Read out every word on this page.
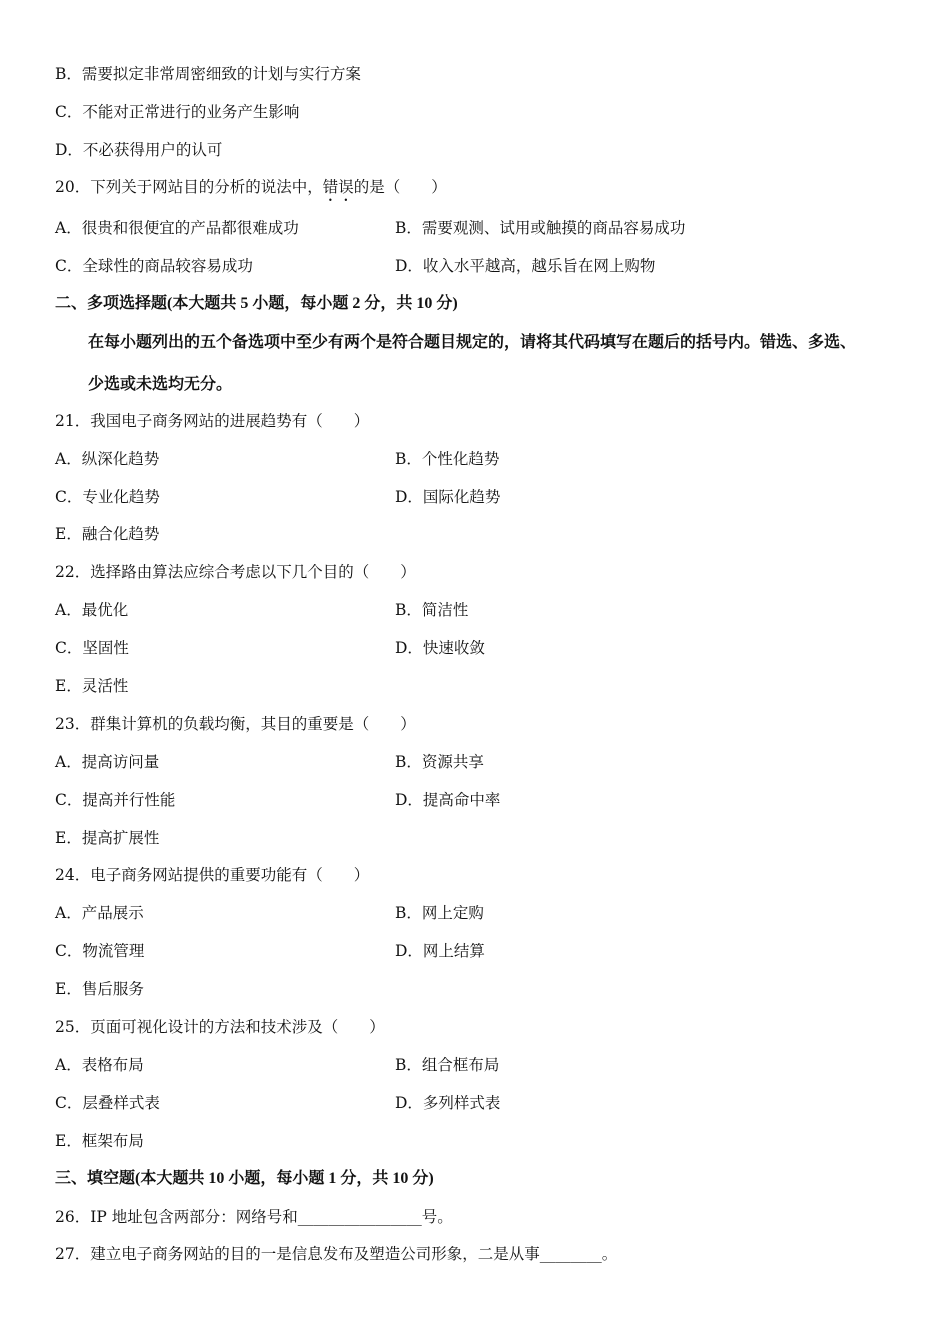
B．需要拟定非常周密细致的计划与实行方案
C．不能对正常进行的业务产生影响
D．不必获得用户的认可
20．下列关于网站目的分析的说法中，错误的是（　　）
A．很贵和很便宜的产品都很难成功	B．需要观测、试用或触摸的商品容易成功
C．全球性的商品较容易成功	D．收入水平越高，越乐旨在网上购物
二、多项选择题(本大题共 5 小题，每小题 2 分，共 10 分)
在每小题列出的五个备选项中至少有两个是符合题目规定的，请将其代码填写在题后的括号内。错选、多选、
少选或未选均无分。
21．我国电子商务网站的进展趋势有（　　）
A．纵深化趋势	B．个性化趋势
C．专业化趋势	D．国际化趋势
E．融合化趋势
22．选择路由算法应综合考虑以下几个目的（　　）
A．最优化	B．简洁性
C．坚固性	D．快速收敛
E．灵活性
23．群集计算机的负载均衡，其目的重要是（　　）
A．提高访问量	B．资源共享
C．提高并行性能	D．提高命中率
E．提高扩展性
24．电子商务网站提供的重要功能有（　　）
A．产品展示	B．网上定购
C．物流管理	D．网上结算
E．售后服务
25．页面可视化设计的方法和技术涉及（　　）
A．表格布局	B．组合框布局
C．层叠样式表	D．多列样式表
E．框架布局
三、填空题(本大题共 10 小题，每小题 1 分，共 10 分)
26．IP 地址包含两部分：网络号和________________号。
27．建立电子商务网站的目的一是信息发布及塑造公司形象，二是从事________。
